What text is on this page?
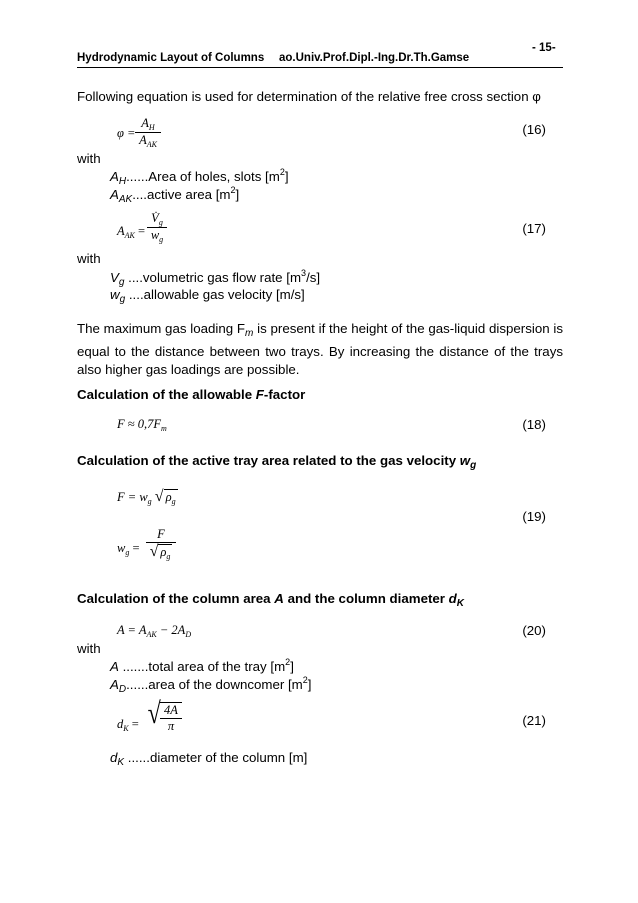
Hydrodynamic Layout of Columns ao.Univ.Prof.Dipl.-Ing.Dr.Th.Gamse
- 15-
Following equation is used for determination of the relative free cross section φ
φ =
$A_H$
$A_{AK}$
(16)
with
$A_H......Area$ of holes, slots $[m^2]$
$A_{AK}....active$ area $[m^2]$
$A_{AK}$ =
$V̇_g$
$w_g$
(17)
with
$V_g$ ....volumetric gas flow rate $[m^3/s]$
$w_g$ ....allowable gas velocity [m/s]
The maximum gas loading $F_m$ is present if the height of the gas-liquid dispersion is equal to the distance between two trays. By increasing the distance of the trays also higher gas loadings are possible.
Calculation of the allowable F-factor
$F \approx 0,7F_m$	(18)
Calculation of the active tray area related to the gas velocity $w_g$
$F = w_g$ √ $\rho_g$
(19)
$w_g$ =
F
√ $\rho_g$
Calculation of the column area A and the column diameter $d_K$
$A = A_{AK} - 2A_D$	(20)
with
A .......total area of the tray $[m^2]$
$A_D......area$ of the downcomer $[m^2]$
$d_K$ = √ 4A
π	(21)
$d_K$ ......diameter of the column [m]
